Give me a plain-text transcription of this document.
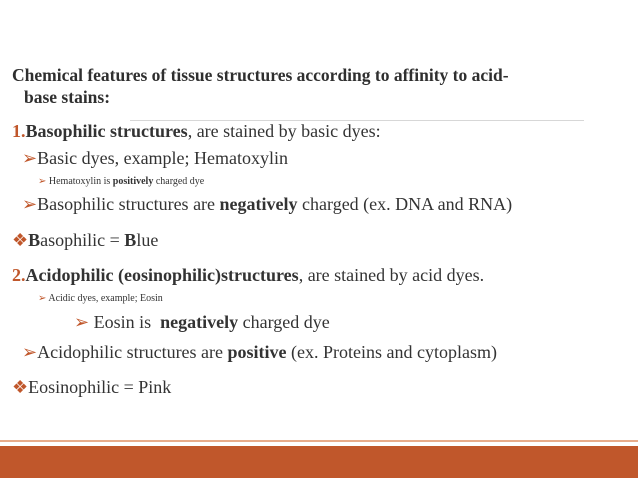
Chemical features of tissue structures according to affinity to acid-
base stains:
1.Basophilic structures, are stained by basic dyes:
➢Basic dyes, example; Hematoxylin
➢ Hematoxylin is positively charged dye
➢Basophilic structures are negatively charged (ex. DNA and RNA)
❖Basophilic = Blue
2.Acidophilic (eosinophilic)structures, are stained by acid dyes.
➢ Acidic dyes, example; Eosin
➢ Eosin is  negatively charged dye
➢Acidophilic structures are positive (ex. Proteins and cytoplasm)
❖Eosinophilic = Pink
